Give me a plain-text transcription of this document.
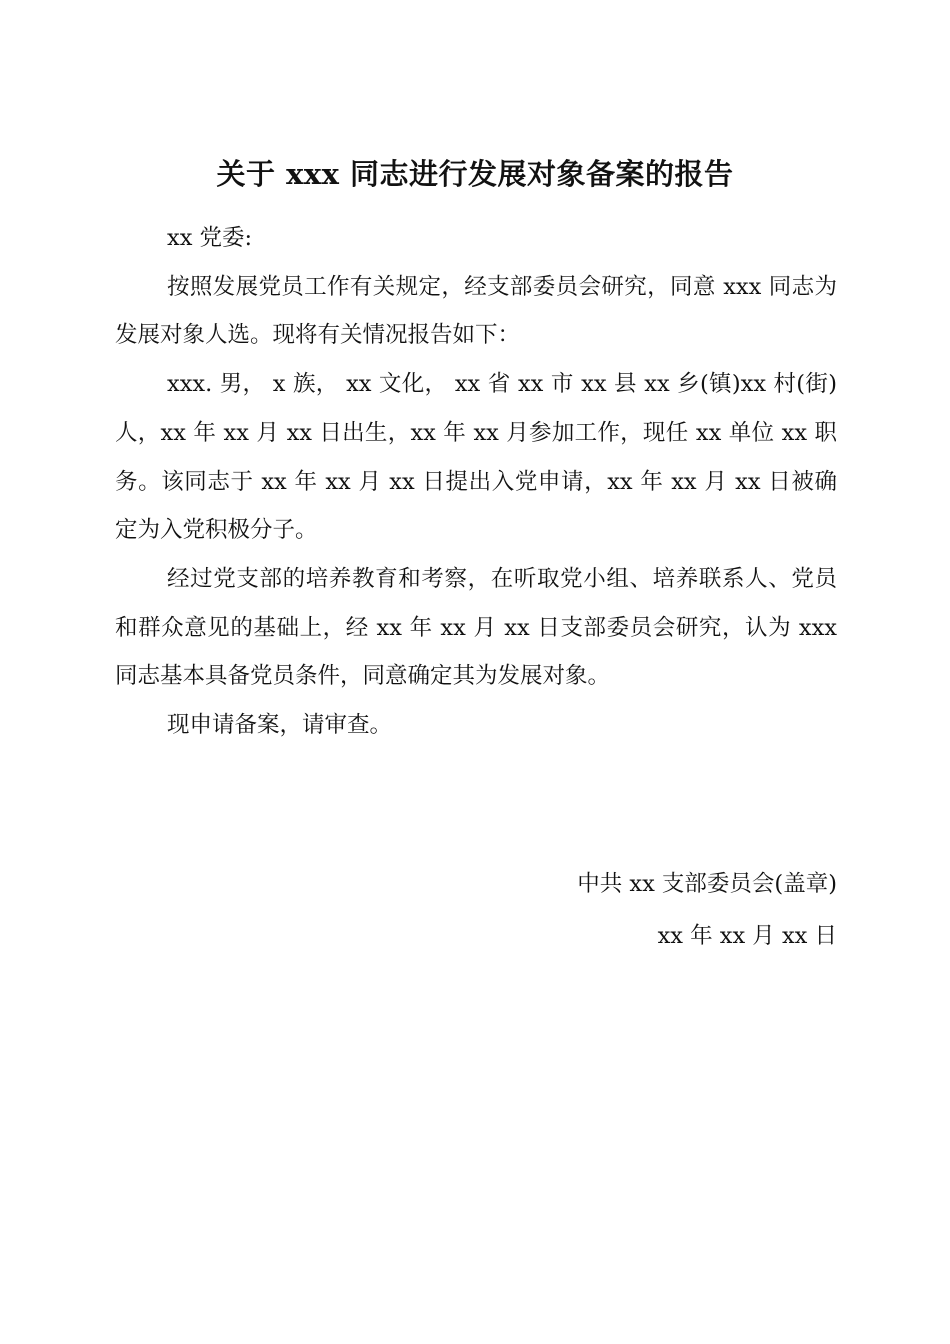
关于 xxx 同志进行发展对象备案的报告

xx 党委:

按照发展党员工作有关规定，经支部委员会研究，同意 xxx 同志为发展对象人选。现将有关情况报告如下：

xxx. 男， x 族， xx 文化， xx 省 xx 市 xx 县 xx 乡(镇)xx 村(街)人，xx 年 xx 月 xx 日出生，xx 年 xx 月参加工作，现任 xx 单位 xx 职务。该同志于 xx 年 xx 月 xx 日提出入党申请，xx 年 xx 月 xx 日被确定为入党积极分子。

经过党支部的培养教育和考察，在听取党小组、培养联系人、党员和群众意见的基础上，经 xx 年 xx 月 xx 日支部委员会研究，认为 xxx 同志基本具备党员条件，同意确定其为发展对象。

现申请备案，请审查。

中共 xx 支部委员会(盖章)

xx 年 xx 月 xx 日
